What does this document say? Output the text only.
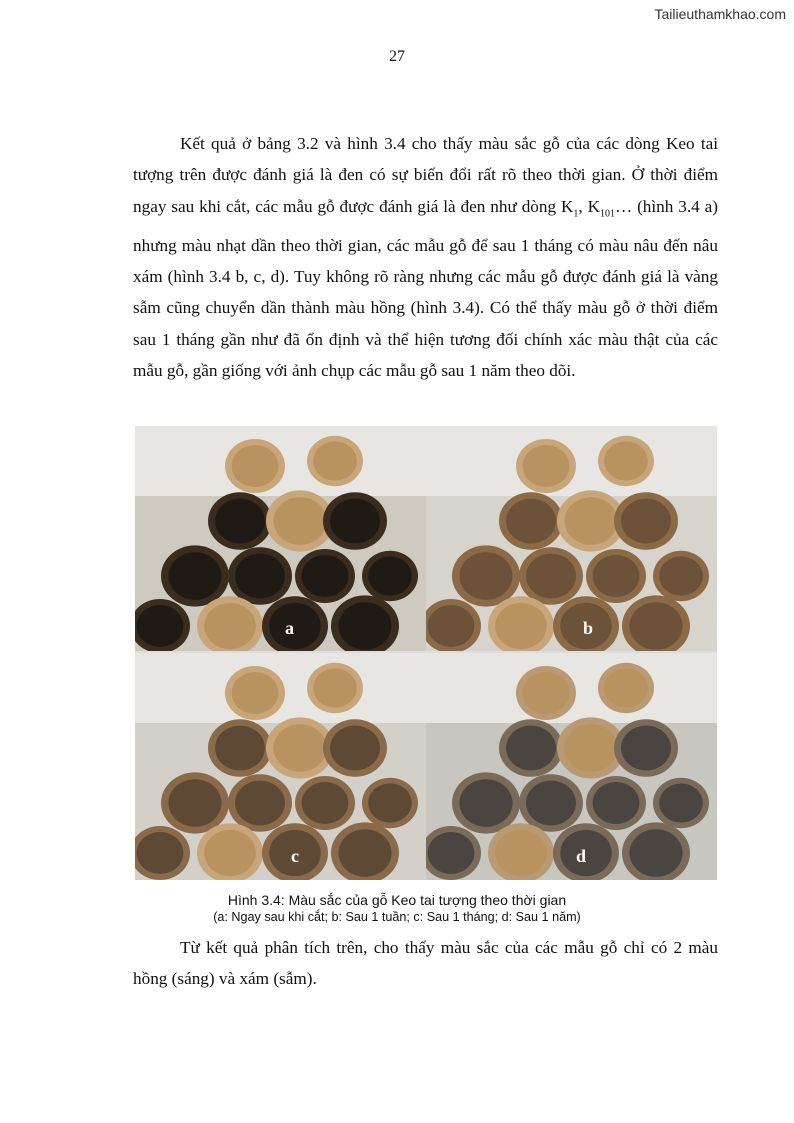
Tailieuthamkhao.com
27

Kết quả ở bảng 3.2 và hình 3.4 cho thấy màu sắc gỗ của các dòng Keo tai tượng trên được đánh giá là đen có sự biến đổi rất rõ theo thời gian. Ở thời điểm ngay sau khi cắt, các mẫu gỗ được đánh giá là đen như dòng $K_1$, $K_{101}\dots$ (hình 3.4 a) nhưng màu nhạt dần theo thời gian, các mẫu gỗ để sau 1 tháng có màu nâu đến nâu xám (hình 3.4 b, c, d). Tuy không rõ ràng nhưng các mẫu gỗ được đánh giá là vàng sẫm cũng chuyển dần thành màu hồng (hình 3.4). Có thể thấy màu gỗ ở thời điểm sau 1 tháng gần như đã ổn định và thể hiện tương đối chính xác màu thật của các mẫu gỗ, gần giống với ảnh chụp các mẫu gỗ sau 1 năm theo dõi.

a	b
c	d
Hình 3.4: Màu sắc của gỗ Keo tai tượng theo thời gian
(a: Ngay sau khi cắt; b: Sau 1 tuần; c: Sau 1 tháng; d: Sau 1 năm)

Từ kết quả phân tích trên, cho thấy màu sắc của các mẫu gỗ chỉ có 2 màu hồng (sáng) và xám (sẫm).
